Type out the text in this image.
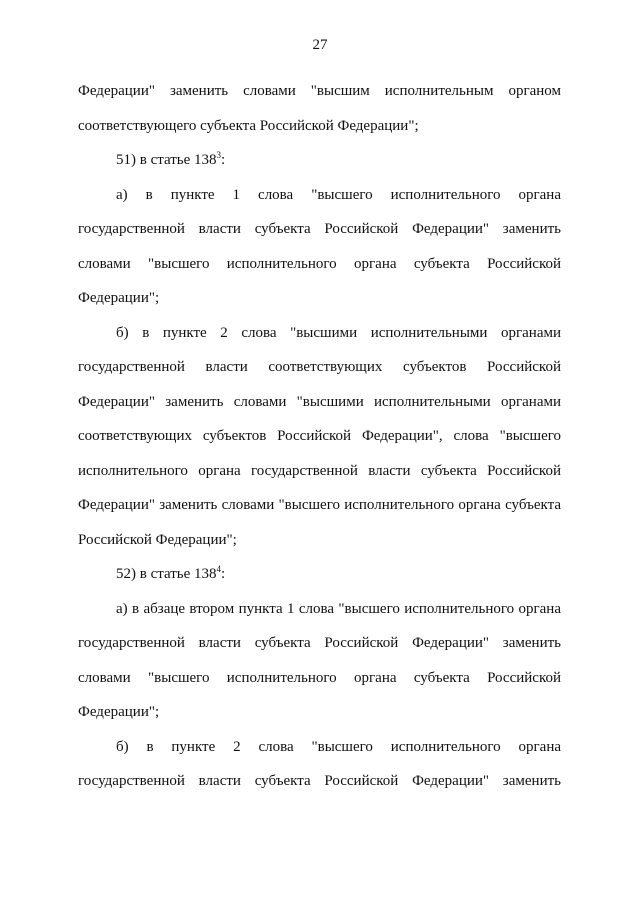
27
Федерации" заменить словами "высшим исполнительным органом
соответствующего субъекта Российской Федерации";
51) в статье $138^3$:
а) в пункте 1 слова "высшего исполнительного органа
государственной власти субъекта Российской Федерации" заменить
словами "высшего исполнительного органа субъекта Российской
Федерации";
б) в пункте 2 слова "высшими исполнительными органами
государственной власти соответствующих субъектов Российской
Федерации" заменить словами "высшими исполнительными органами
соответствующих субъектов Российской Федерации", слова "высшего
исполнительного органа государственной власти субъекта Российской
Федерации" заменить словами "высшего исполнительного органа субъекта
Российской Федерации";
52) в статье $138^4$:
а) в абзаце втором пункта 1 слова "высшего исполнительного органа
государственной власти субъекта Российской Федерации" заменить
словами "высшего исполнительного органа субъекта Российской
Федерации";
б) в пункте 2 слова "высшего исполнительного органа
государственной власти субъекта Российской Федерации" заменить
